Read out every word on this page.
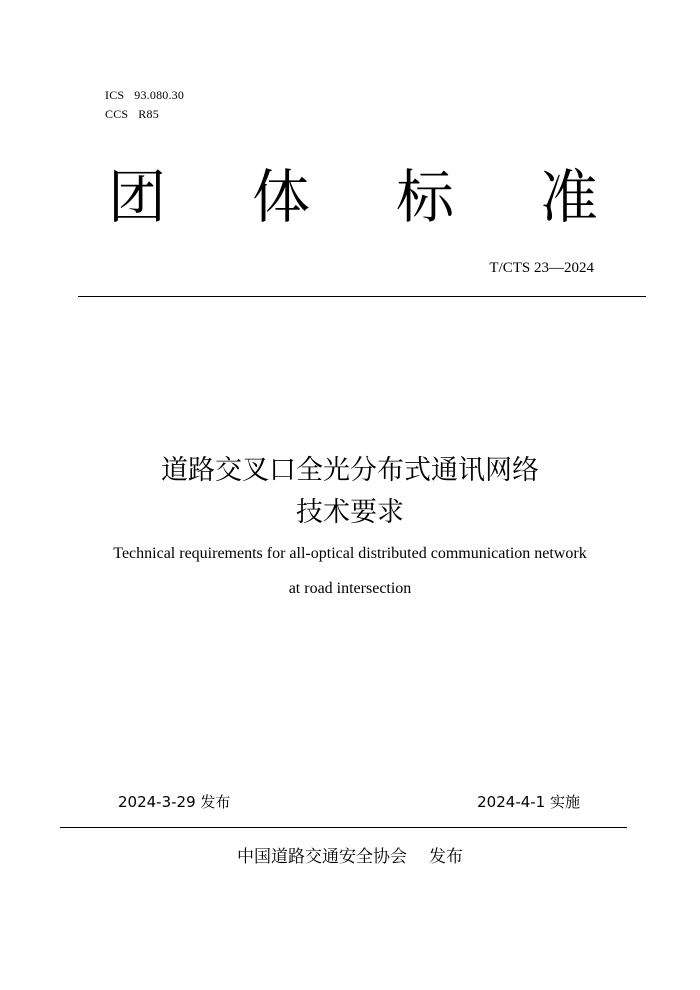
ICS 93.080.30
CCS R85
团 体 标 准
T/CTS 23—2024
道路交叉口全光分布式通讯网络
技术要求
Technical requirements for all-optical distributed communication network
at road intersection
2024-3-29 发布	2024-4-1 实施
中国道路交通安全协会 发布
